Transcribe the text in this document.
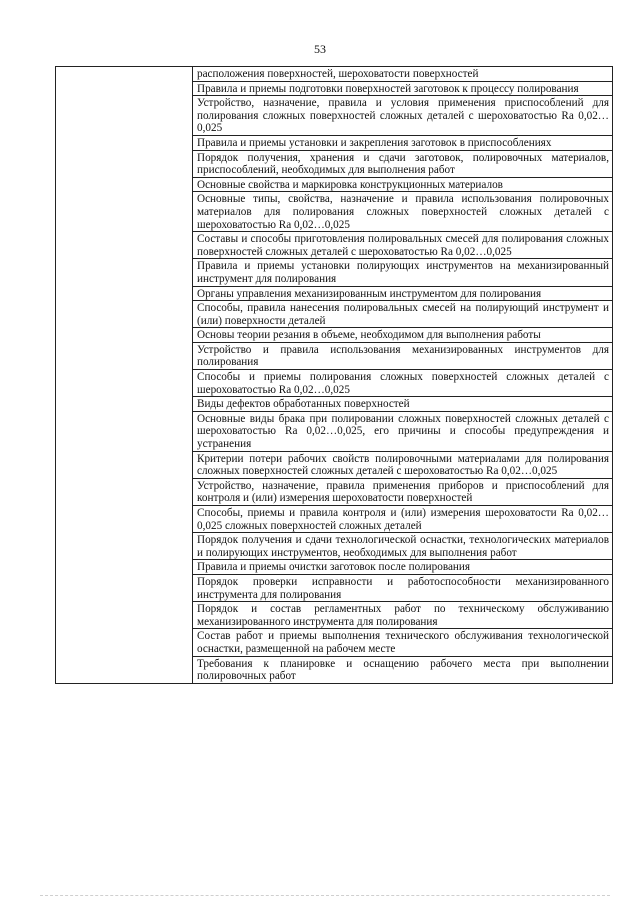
53

расположения поверхностей, шероховатости поверхностей

Правила и приемы подготовки поверхностей заготовок к процессу полирования

Устройство, назначение, правила и условия применения приспособлений для полирования сложных поверхностей сложных деталей с шероховатостью Ra 0,02…0,025

Правила и приемы установки и закрепления заготовок в приспособлениях

Порядок получения, хранения и сдачи заготовок, полировочных материалов, приспособлений, необходимых для выполнения работ

Основные свойства и маркировка конструкционных материалов

Основные типы, свойства, назначение и правила использования полировочных материалов для полирования сложных поверхностей сложных деталей с шероховатостью Ra 0,02…0,025

Составы и способы приготовления полировальных смесей для полирования сложных поверхностей сложных деталей с шероховатостью Ra 0,02…0,025

Правила и приемы установки полирующих инструментов на механизированный инструмент для полирования

Органы управления механизированным инструментом для полирования

Способы, правила нанесения полировальных смесей на полирующий инструмент и (или) поверхности деталей

Основы теории резания в объеме, необходимом для выполнения работы

Устройство и правила использования механизированных инструментов для полирования

Способы и приемы полирования сложных поверхностей сложных деталей с шероховатостью Ra 0,02…0,025

Виды дефектов обработанных поверхностей

Основные виды брака при полировании сложных поверхностей сложных деталей с шероховатостью Ra 0,02…0,025, его причины и способы предупреждения и устранения

Критерии потери рабочих свойств полировочными материалами для полирования сложных поверхностей сложных деталей с шероховатостью Ra 0,02…0,025

Устройство, назначение, правила применения приборов и приспособлений для контроля и (или) измерения шероховатости поверхностей

Способы, приемы и правила контроля и (или) измерения шероховатости Ra 0,02…0,025 сложных поверхностей сложных деталей

Порядок получения и сдачи технологической оснастки, технологических материалов и полирующих инструментов, необходимых для выполнения работ

Правила и приемы очистки заготовок после полирования

Порядок проверки исправности и работоспособности механизированного инструмента для полирования

Порядок и состав регламентных работ по техническому обслуживанию механизированного инструмента для полирования

Состав работ и приемы выполнения технического обслуживания технологической оснастки, размещенной на рабочем месте

Требования к планировке и оснащению рабочего места при выполнении полировочных работ
